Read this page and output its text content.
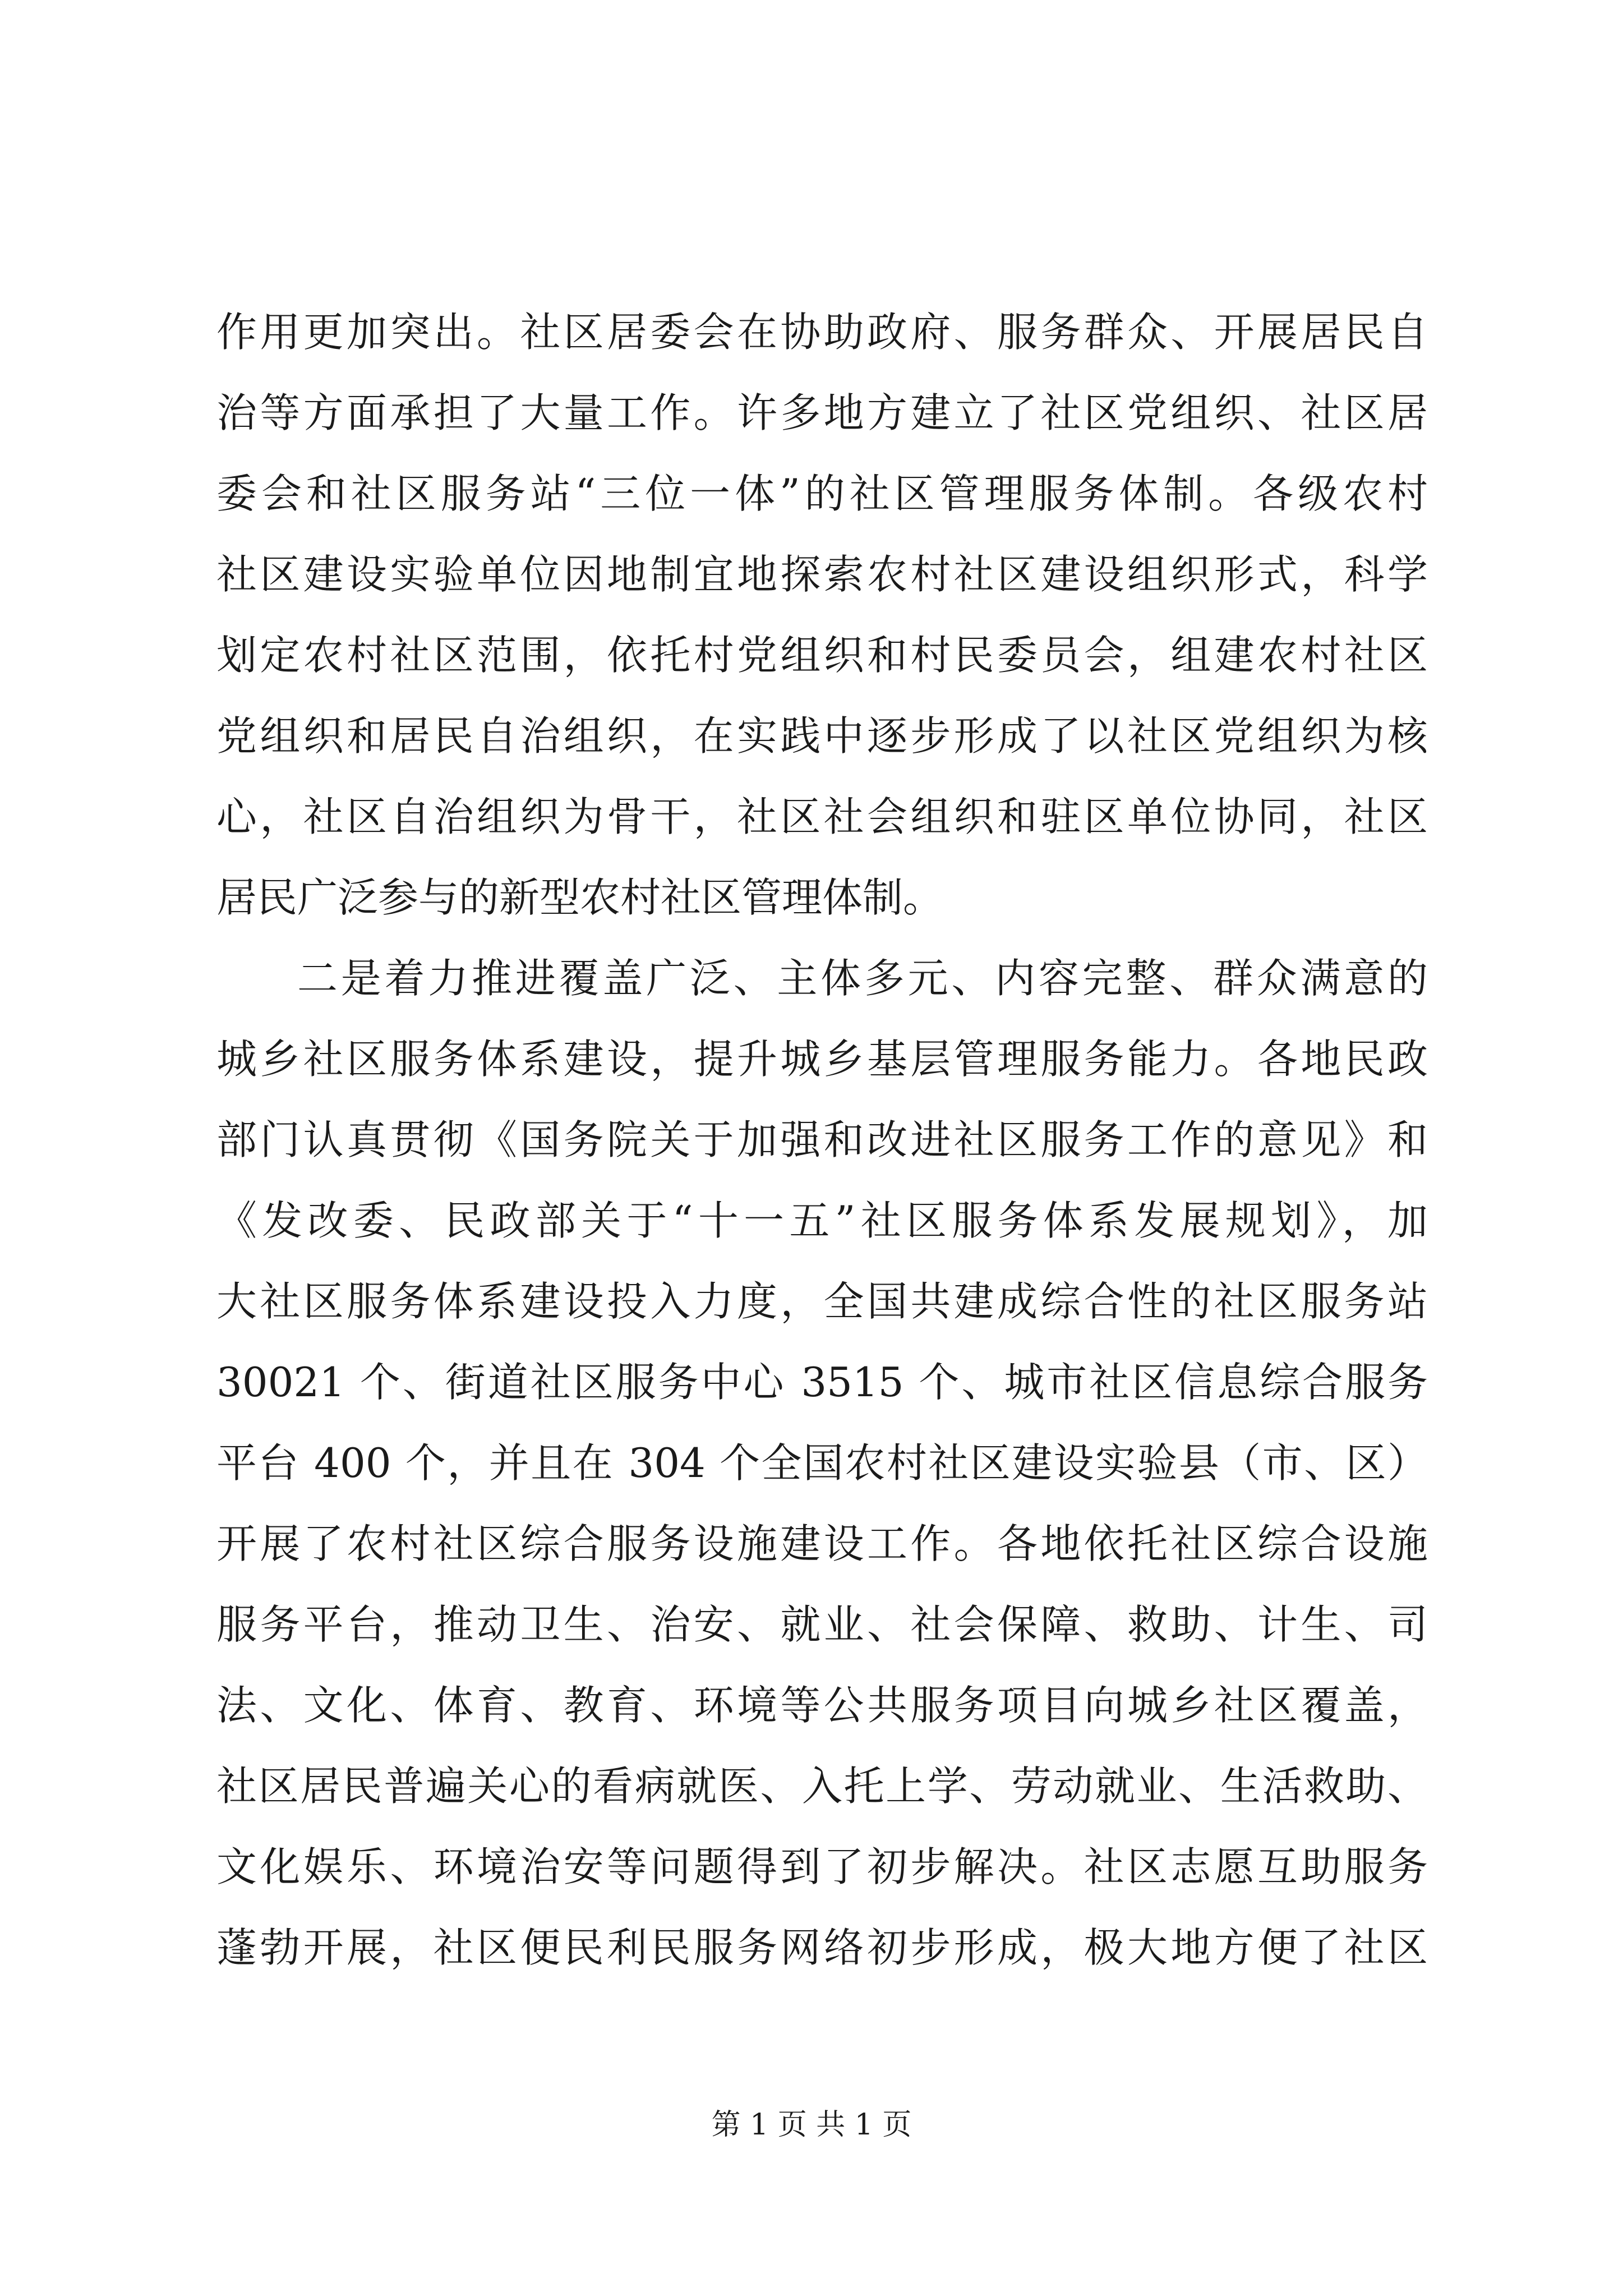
作用更加突出。社区居委会在协助政府、服务群众、开展居民自
治等方面承担了大量工作。许多地方建立了社区党组织、社区居
委会和社区服务站“三位一体”的社区管理服务体制。各级农村
社区建设实验单位因地制宜地探索农村社区建设组织形式，科学
划定农村社区范围，依托村党组织和村民委员会，组建农村社区
党组织和居民自治组织，在实践中逐步形成了以社区党组织为核
心，社区自治组织为骨干，社区社会组织和驻区单位协同，社区
居民广泛参与的新型农村社区管理体制。
二是着力推进覆盖广泛、主体多元、内容完整、群众满意的
城乡社区服务体系建设，提升城乡基层管理服务能力。各地民政
部门认真贯彻《国务院关于加强和改进社区服务工作的意见》和
《发改委、民政部关于“十一五”社区服务体系发展规划》，加
大社区服务体系建设投入力度，全国共建成综合性的社区服务站
30021 个、街道社区服务中心 3515 个、城市社区信息综合服务
平台 400 个，并且在 304 个全国农村社区建设实验县（市、区）
开展了农村社区综合服务设施建设工作。各地依托社区综合设施
服务平台，推动卫生、治安、就业、社会保障、救助、计生、司
法、文化、体育、教育、环境等公共服务项目向城乡社区覆盖，
社区居民普遍关心的看病就医、入托上学、劳动就业、生活救助、
文化娱乐、环境治安等问题得到了初步解决。社区志愿互助服务
蓬勃开展，社区便民利民服务网络初步形成，极大地方便了社区
第 1 页 共 1 页
